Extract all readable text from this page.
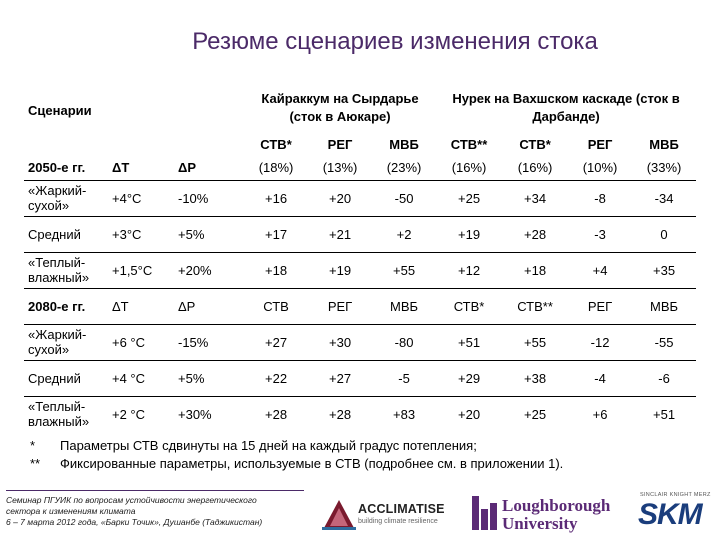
Резюме сценариев изменения стока
Сценарии			Кайраккум на Сырдарье (сток в Аюкаре)			Нурек на Вахшском каскаде (сток в Дарбанде)			

			СТВ*	РЕГ	МВБ	СТВ**	СТВ*	РЕГ	МВБ
2050-е гг.	ΔT	ΔP	(18%)	(13%)	(23%)	(16%)	(16%)	(10%)	(33%)
«Жаркий-сухой»	+4°C	-10%	+16	+20	-50	+25	+34	-8	-34
Средний	+3°C	+5%	+17	+21	+2	+19	+28	-3	0
«Теплый-влажный»	+1,5°C	+20%	+18	+19	+55	+12	+18	+4	+35
2080-е гг.	ΔT	ΔP	СТВ	РЕГ	МВБ	СТВ*	СТВ**	РЕГ	МВБ
«Жаркий-сухой»	+6 °C	-15%	+27	+30	-80	+51	+55	-12	-55
Средний	+4 °C	+5%	+22	+27	-5	+29	+38	-4	-6
«Теплый-влажный»	+2 °C	+30%	+28	+28	+83	+20	+25	+6	+51
*	Параметры СТВ сдвинуты на 15 дней на каждый градус потепления;
**	Фиксированные параметры, используемые в СТВ (подробнее см. в приложении 1).
Семинар ПГУИК по вопросам устойчивости энергетического
сектора к изменениям климата
6 – 7 марта 2012 года, «Барки Точик», Душанбе (Таджикистан)
ACCLIMATISE
building climate resilience
Loughborough
University
SINCLAIR KNIGHT MERZ
SKM
